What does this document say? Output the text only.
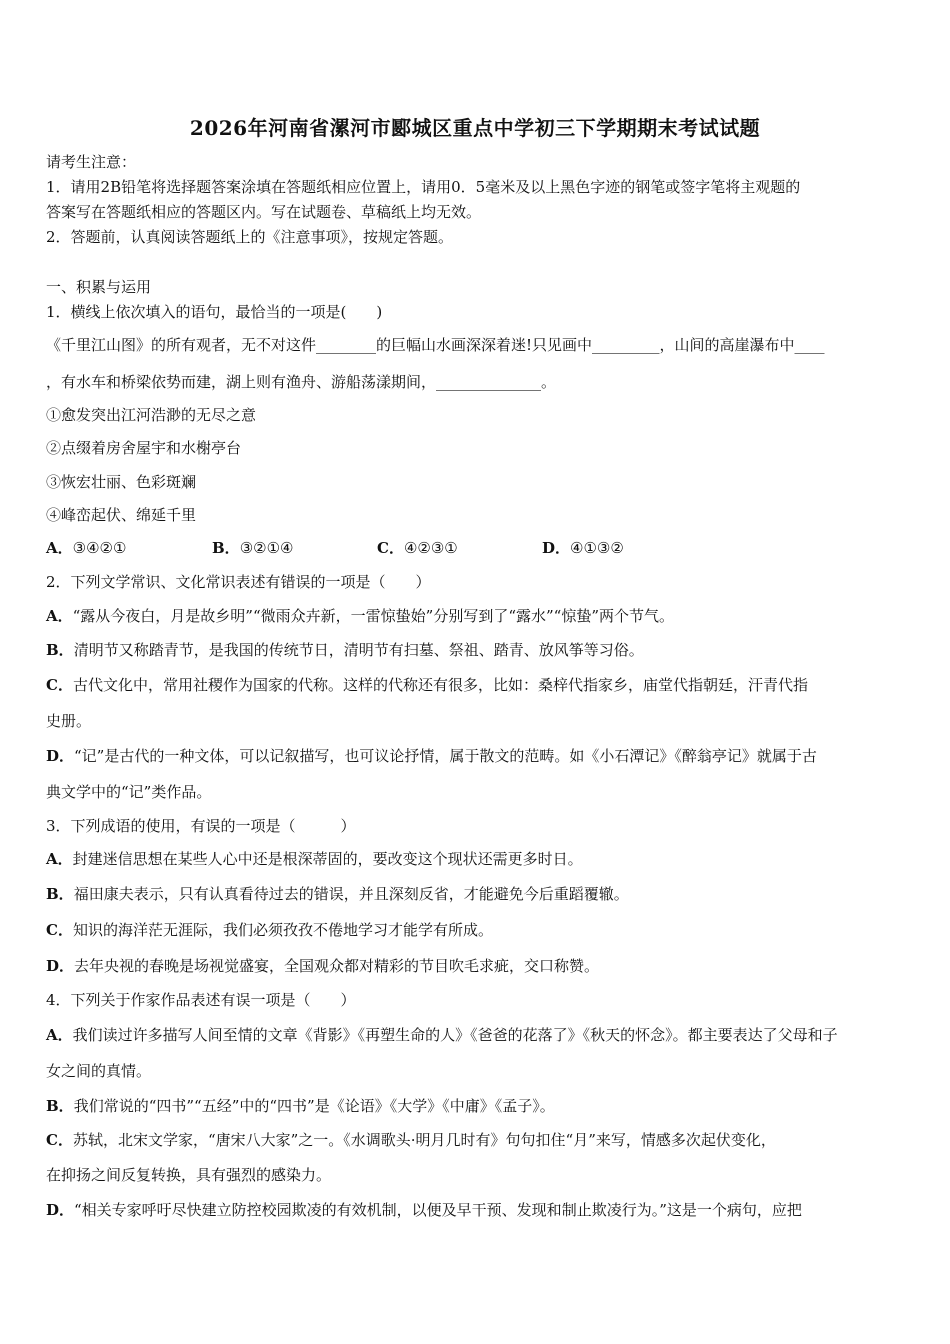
2026年河南省漯河市郾城区重点中学初三下学期期末考试试题
请考生注意：
1．请用2B铅笔将选择题答案涂填在答题纸相应位置上，请用0．5毫米及以上黑色字迹的钢笔或签字笔将主观题的
答案写在答题纸相应的答题区内。写在试题卷、草稿纸上均无效。
2．答题前，认真阅读答题纸上的《注意事项》，按规定答题。
一、积累与运用
1．横线上依次填入的语句，最恰当的一项是(　　)
《千里江山图》的所有观者，无不对这件________的巨幅山水画深深着迷!只见画中_________，山间的高崖瀑布中____
，有水车和桥梁依势而建，湖上则有渔舟、游船荡漾期间，______________。
①愈发突出江河浩渺的无尽之意
②点缀着房舍屋宇和水榭亭台
③恢宏壮丽、色彩斑斓
④峰峦起伏、绵延千里
A．③④②①	B．③②①④	C．④②③①	D．④①③②
2．下列文学常识、文化常识表述有错误的一项是（　　）
A．“露从今夜白，月是故乡明”“微雨众卉新，一雷惊蛰始”分别写到了“露水”“惊蛰”两个节气。
B．清明节又称踏青节，是我国的传统节日，清明节有扫墓、祭祖、踏青、放风筝等习俗。
C．古代文化中，常用社稷作为国家的代称。这样的代称还有很多，比如：桑梓代指家乡，庙堂代指朝廷，汗青代指
史册。
D．“记”是古代的一种文体，可以记叙描写，也可议论抒情，属于散文的范畴。如《小石潭记》《醉翁亭记》就属于古
典文学中的“记”类作品。
3．下列成语的使用，有误的一项是（　　　）
A．封建迷信思想在某些人心中还是根深蒂固的，要改变这个现状还需更多时日。
B．福田康夫表示，只有认真看待过去的错误，并且深刻反省，才能避免今后重蹈覆辙。
C．知识的海洋茫无涯际，我们必须孜孜不倦地学习才能学有所成。
D．去年央视的春晚是场视觉盛宴，全国观众都对精彩的节目吹毛求疵，交口称赞。
4．下列关于作家作品表述有误一项是（　　）
A．我们读过许多描写人间至情的文章《背影》《再塑生命的人》《爸爸的花落了》《秋天的怀念》。都主要表达了父母和子
女之间的真情。
B．我们常说的“四书”“五经”中的“四书”是《论语》《大学》《中庸》《孟子》。
C．苏轼，北宋文学家，“唐宋八大家”之一。《水调歌头·明月几时有》句句扣住“月”来写，情感多次起伏变化，
在抑扬之间反复转换，具有强烈的感染力。
D．“相关专家呼吁尽快建立防控校园欺凌的有效机制，以便及早干预、发现和制止欺凌行为。”这是一个病句，应把
